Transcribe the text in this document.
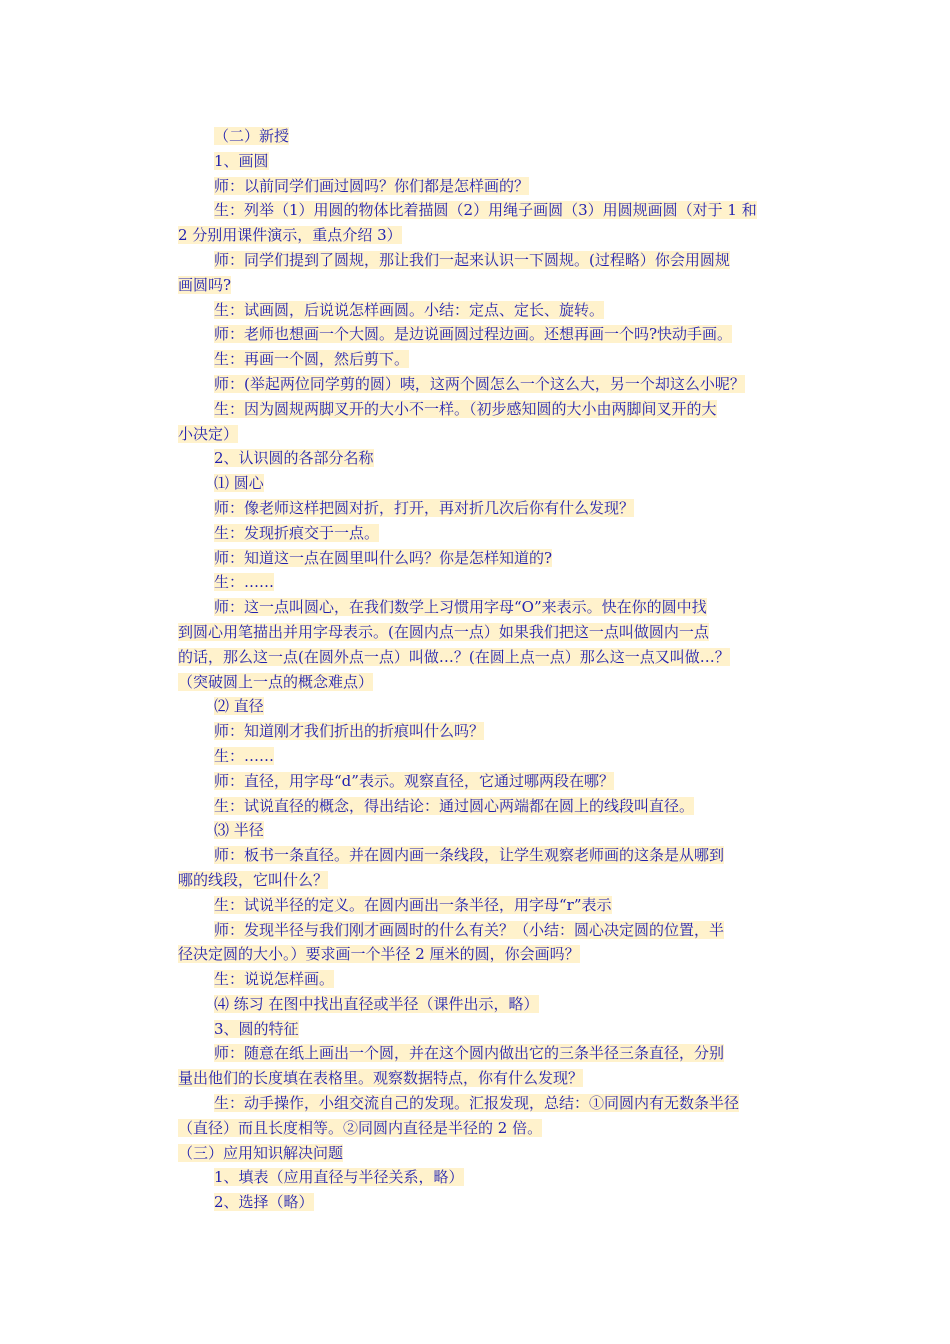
（二）新授
1、画圆
师：以前同学们画过圆吗？你们都是怎样画的？
生：列举（1）用圆的物体比着描圆（2）用绳子画圆（3）用圆规画圆（对于 1 和
2 分别用课件演示，重点介绍 3）
师：同学们提到了圆规，那让我们一起来认识一下圆规。(过程略）你会用圆规
画圆吗?
生：试画圆，后说说怎样画圆。小结：定点、定长、旋转。
师：老师也想画一个大圆。是边说画圆过程边画。还想再画一个吗?快动手画。
生：再画一个圆，然后剪下。
师：(举起两位同学剪的圆）咦，这两个圆怎么一个这么大，另一个却这么小呢？
生：因为圆规两脚叉开的大小不一样。（初步感知圆的大小由两脚间叉开的大
小决定）
2、认识圆的各部分名称
⑴ 圆心
师：像老师这样把圆对折，打开，再对折几次后你有什么发现？
生：发现折痕交于一点。
师：知道这一点在圆里叫什么吗？你是怎样知道的?
生：……
师：这一点叫圆心，在我们数学上习惯用字母“O”来表示。快在你的圆中找
到圆心用笔描出并用字母表示。(在圆内点一点）如果我们把这一点叫做圆内一点
的话，那么这一点(在圆外点一点）叫做…？(在圆上点一点）那么这一点又叫做…？
（突破圆上一点的概念难点）
⑵ 直径
师：知道刚才我们折出的折痕叫什么吗？
生：……
师：直径，用字母“d”表示。观察直径，它通过哪两段在哪？
生：试说直径的概念，得出结论：通过圆心两端都在圆上的线段叫直径。
⑶ 半径
师：板书一条直径。并在圆内画一条线段，让学生观察老师画的这条是从哪到
哪的线段，它叫什么？
生：试说半径的定义。在圆内画出一条半径，用字母“r”表示
师：发现半径与我们刚才画圆时的什么有关？（小结：圆心决定圆的位置，半
径决定圆的大小。）要求画一个半径 2 厘米的圆，你会画吗？
生：说说怎样画。
⑷ 练习 在图中找出直径或半径（课件出示，略）
3、圆的特征
师：随意在纸上画出一个圆，并在这个圆内做出它的三条半径三条直径，分别
量出他们的长度填在表格里。观察数据特点，你有什么发现？
生：动手操作，小组交流自己的发现。汇报发现，总结：①同圆内有无数条半径
（直径）而且长度相等。②同圆内直径是半径的 2 倍。
（三）应用知识解决问题
1、填表（应用直径与半径关系，略）
2、选择（略）
